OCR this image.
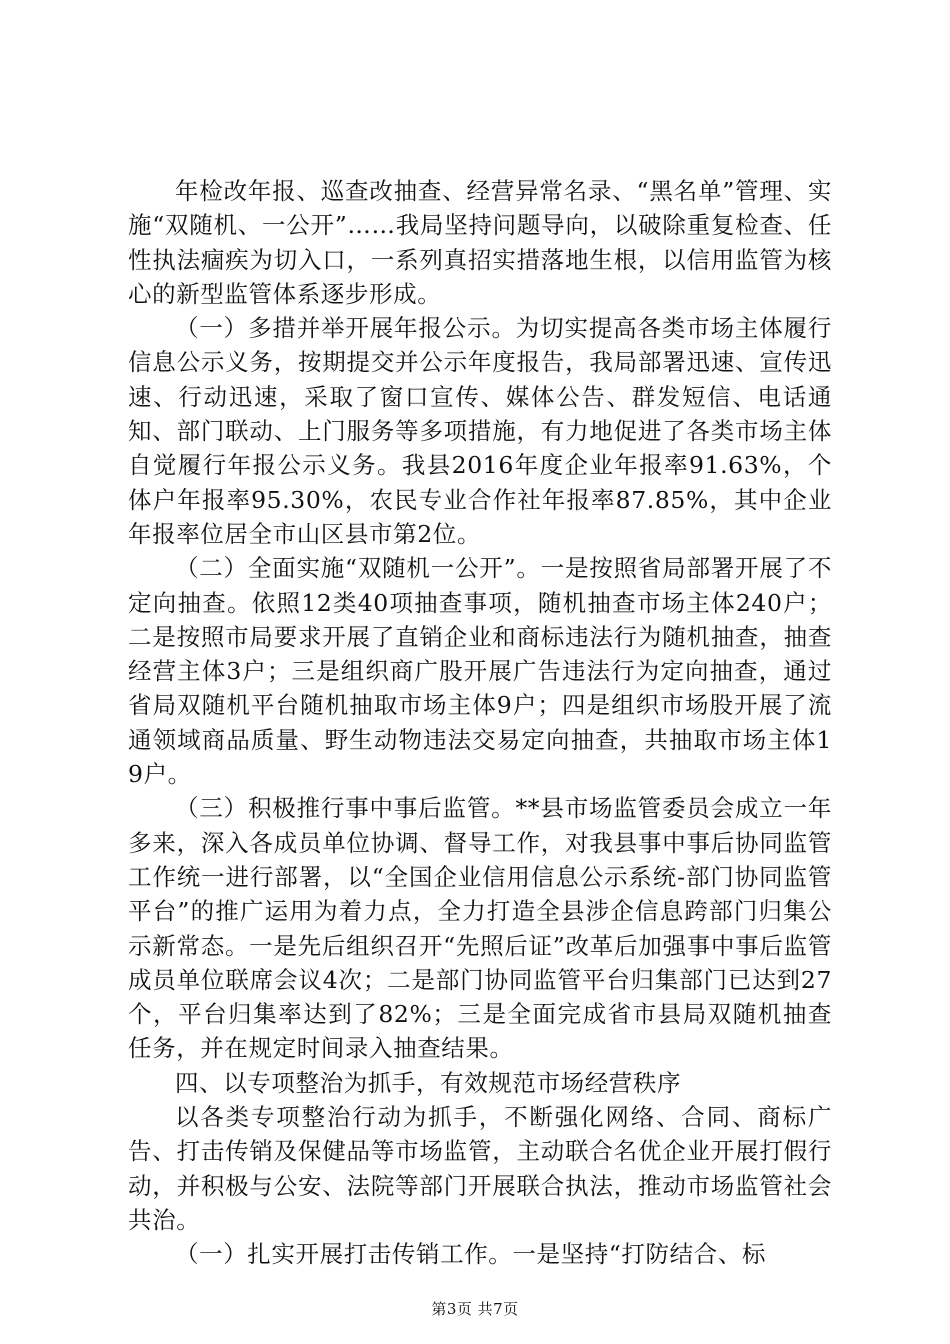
年检改年报、巡查改抽查、经营异常名录、“黑名单”管理、实施“双随机、一公开”……我局坚持问题导向，以破除重复检查、任性执法痼疾为切入口，一系列真招实措落地生根，以信用监管为核心的新型监管体系逐步形成。

（一）多措并举开展年报公示。为切实提高各类市场主体履行信息公示义务，按期提交并公示年度报告，我局部署迅速、宣传迅速、行动迅速，采取了窗口宣传、媒体公告、群发短信、电话通知、部门联动、上门服务等多项措施，有力地促进了各类市场主体自觉履行年报公示义务。我县2016年度企业年报率91.63%，个体户年报率95.30%，农民专业合作社年报率87.85%，其中企业年报率位居全市山区县市第2位。

（二）全面实施“双随机一公开”。一是按照省局部署开展了不定向抽查。依照12类40项抽查事项，随机抽查市场主体240户；二是按照市局要求开展了直销企业和商标违法行为随机抽查，抽查经营主体3户；三是组织商广股开展广告违法行为定向抽查，通过省局双随机平台随机抽取市场主体9户；四是组织市场股开展了流通领域商品质量、野生动物违法交易定向抽查，共抽取市场主体19户。

（三）积极推行事中事后监管。**县市场监管委员会成立一年多来，深入各成员单位协调、督导工作，对我县事中事后协同监管工作统一进行部署，以“全国企业信用信息公示系统-部门协同监管平台”的推广运用为着力点，全力打造全县涉企信息跨部门归集公示新常态。一是先后组织召开“先照后证”改革后加强事中事后监管成员单位联席会议4次；二是部门协同监管平台归集部门已达到27个，平台归集率达到了82%；三是全面完成省市县局双随机抽查任务，并在规定时间录入抽查结果。

四、以专项整治为抓手，有效规范市场经营秩序

以各类专项整治行动为抓手，不断强化网络、合同、商标广告、打击传销及保健品等市场监管，主动联合名优企业开展打假行动，并积极与公安、法院等部门开展联合执法，推动市场监管社会共治。

（一）扎实开展打击传销工作。一是坚持“打防结合、标

第3页 共7页
